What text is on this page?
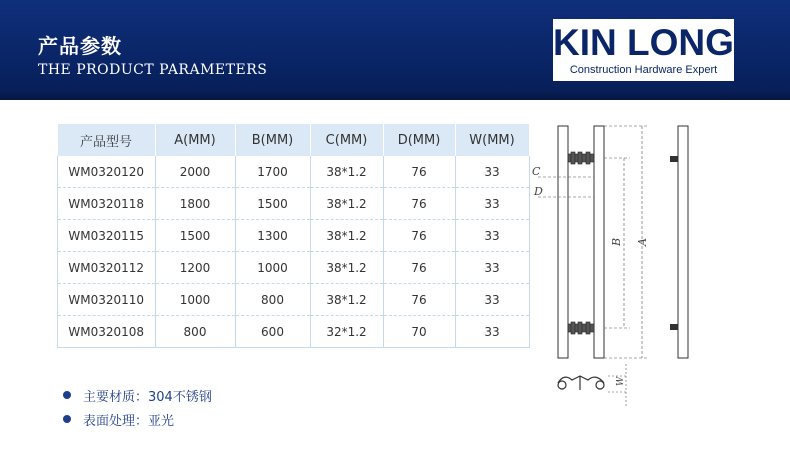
产品参数
THE PRODUCT PARAMETERS
KIN LONG
Construction Hardware Expert
产品型号	A(MM)	B(MM)	C(MM)	D(MM)	W(MM)
WM0320120	2000	1700	38*1.2	76	33
WM0320118	1800	1500	38*1.2	76	33
WM0320115	1500	1300	38*1.2	76	33
WM0320112	1200	1000	38*1.2	76	33
WM0320110	1000	800	38*1.2	76	33
WM0320108	800	600	32*1.2	70	33
主要材质：304不锈钢
表面处理：亚光
C
D
B A
W
